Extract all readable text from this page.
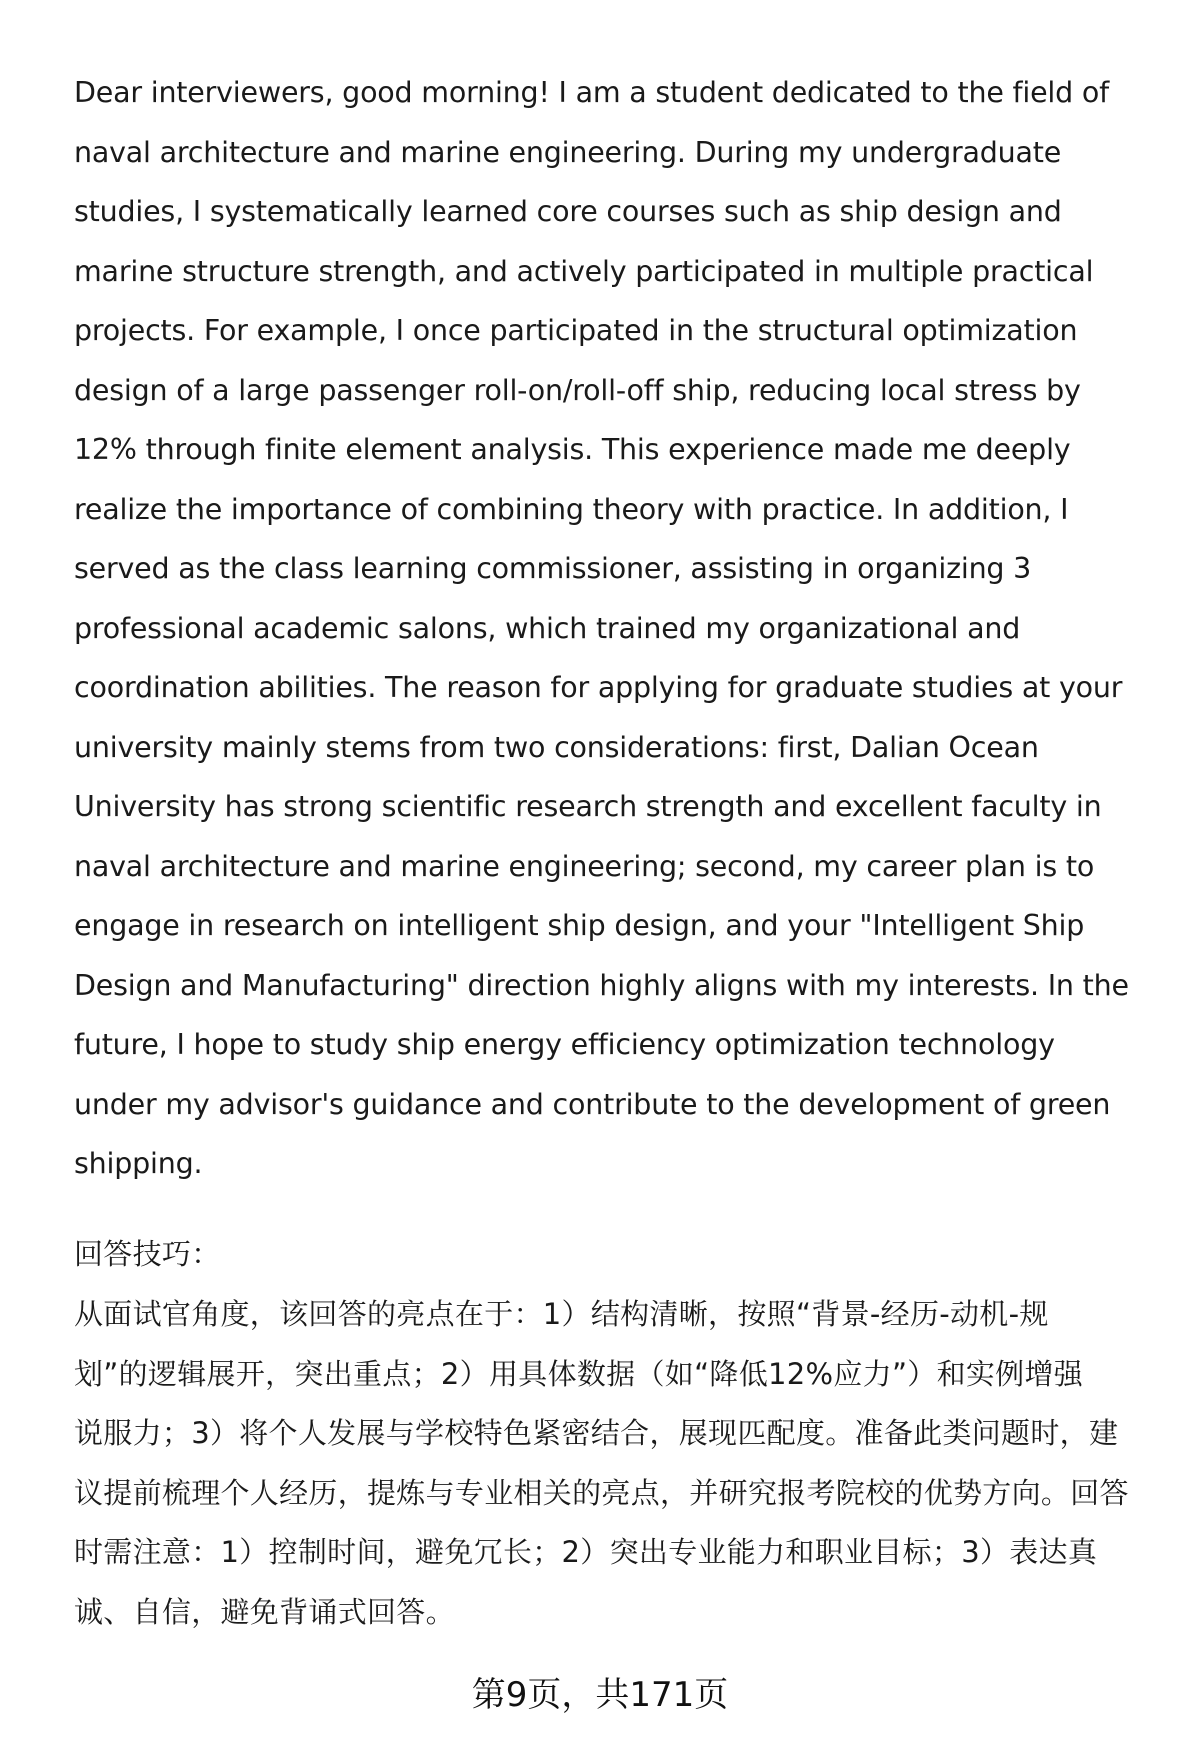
Dear interviewers, good morning! I am a student dedicated to the field of
naval architecture and marine engineering. During my undergraduate
studies, I systematically learned core courses such as ship design and
marine structure strength, and actively participated in multiple practical
projects. For example, I once participated in the structural optimization
design of a large passenger roll-on/roll-off ship, reducing local stress by
12% through finite element analysis. This experience made me deeply
realize the importance of combining theory with practice. In addition, I
served as the class learning commissioner, assisting in organizing 3
professional academic salons, which trained my organizational and
coordination abilities. The reason for applying for graduate studies at your
university mainly stems from two considerations: first, Dalian Ocean
University has strong scientific research strength and excellent faculty in
naval architecture and marine engineering; second, my career plan is to
engage in research on intelligent ship design, and your "Intelligent Ship
Design and Manufacturing" direction highly aligns with my interests. In the
future, I hope to study ship energy efficiency optimization technology
under my advisor's guidance and contribute to the development of green
shipping.
回答技巧：
从面试官角度，该回答的亮点在于：1）结构清晰，按照“背景-经历-动机-规
划”的逻辑展开，突出重点；2）用具体数据（如“降低12%应力”）和实例增强
说服力；3）将个人发展与学校特色紧密结合，展现匹配度。准备此类问题时，建
议提前梳理个人经历，提炼与专业相关的亮点，并研究报考院校的优势方向。回答
时需注意：1）控制时间，避免冗长；2）突出专业能力和职业目标；3）表达真
诚、自信，避免背诵式回答。
第9页，共171页
